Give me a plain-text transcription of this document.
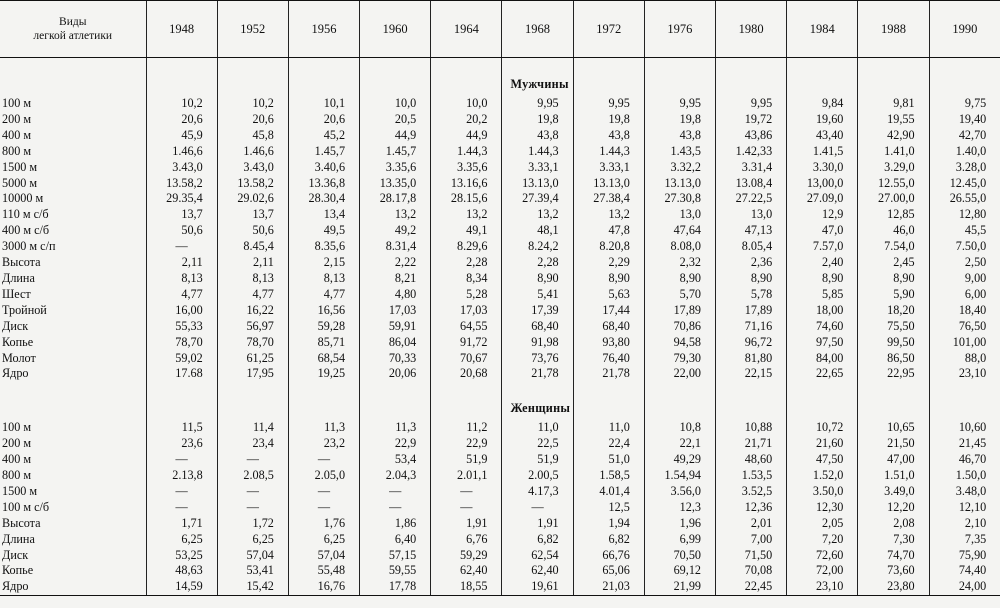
Виды
легкой атлетики	1948	1952	1956	1960	1964	1968	1972	1976	1980	1984	1988	1990

						Мужчины						
100 м	10,2	10,2	10,1	10,0	10,0	9,95	9,95	9,95	9,95	9,84	9,81	9,75
200 м	20,6	20,6	20,6	20,5	20,2	19,8	19,8	19,8	19,72	19,60	19,55	19,40
400 м	45,9	45,8	45,2	44,9	44,9	43,8	43,8	43,8	43,86	43,40	42,90	42,70
800 м	1.46,6	1.46,6	1.45,7	1.45,7	1.44,3	1.44,3	1.44,3	1.43,5	1.42,33	1.41,5	1.41,0	1.40,0
1500 м	3.43,0	3.43,0	3.40,6	3.35,6	3.35,6	3.33,1	3.33,1	3.32,2	3.31,4	3.30,0	3.29,0	3.28,0
5000 м	13.58,2	13.58,2	13.36,8	13.35,0	13.16,6	13.13,0	13.13,0	13.13,0	13.08,4	13,00,0	12.55,0	12.45,0
10000 м	29.35,4	29.02,6	28.30,4	28.17,8	28.15,6	27.39,4	27.38,4	27.30,8	27.22,5	27.09,0	27.00,0	26.55,0
110 м с/б	13,7	13,7	13,4	13,2	13,2	13,2	13,2	13,0	13,0	12,9	12,85	12,80
400 м с/б	50,6	50,6	49,5	49,2	49,1	48,1	47,8	47,64	47,13	47,0	46,0	45,5
3000 м с/п	—	8.45,4	8.35,6	8.31,4	8.29,6	8.24,2	8.20,8	8.08,0	8.05,4	7.57,0	7.54,0	7.50,0
Высота	2,11	2,11	2,15	2,22	2,28	2,28	2,29	2,32	2,36	2,40	2,45	2,50
Длина	8,13	8,13	8,13	8,21	8,34	8,90	8,90	8,90	8,90	8,90	8,90	9,00
Шест	4,77	4,77	4,77	4,80	5,28	5,41	5,63	5,70	5,78	5,85	5,90	6,00
Тройной	16,00	16,22	16,56	17,03	17,03	17,39	17,44	17,89	17,89	18,00	18,20	18,40
Диск	55,33	56,97	59,28	59,91	64,55	68,40	68,40	70,86	71,16	74,60	75,50	76,50
Копье	78,70	78,70	85,71	86,04	91,72	91,98	93,80	94,58	96,72	97,50	99,50	101,00
Молот	59,02	61,25	68,54	70,33	70,67	73,76	76,40	79,30	81,80	84,00	86,50	88,0
Ядро	17.68	17,95	19,25	20,06	20,68	21,78	21,78	22,00	22,15	22,65	22,95	23,10

						Женщины						
100 м	11,5	11,4	11,3	11,3	11,2	11,0	11,0	10,8	10,88	10,72	10,65	10,60
200 м	23,6	23,4	23,2	22,9	22,9	22,5	22,4	22,1	21,71	21,60	21,50	21,45
400 м	—	—	—	53,4	51,9	51,9	51,0	49,29	48,60	47,50	47,00	46,70
800 м	2.13,8	2.08,5	2.05,0	2.04,3	2.01,1	2.00,5	1.58,5	1.54,94	1.53,5	1.52,0	1.51,0	1.50,0
1500 м	—	—	—	—	—	4.17,3	4.01,4	3.56,0	3.52,5	3.50,0	3.49,0	3.48,0
100 м с/б	—	—	—	—	—	—	12,5	12,3	12,36	12,30	12,20	12,10
Высота	1,71	1,72	1,76	1,86	1,91	1,91	1,94	1,96	2,01	2,05	2,08	2,10
Длина	6,25	6,25	6,25	6,40	6,76	6,82	6,82	6,99	7,00	7,20	7,30	7,35
Диск	53,25	57,04	57,04	57,15	59,29	62,54	66,76	70,50	71,50	72,60	74,70	75,90
Копье	48,63	53,41	55,48	59,55	62,40	62,40	65,06	69,12	70,08	72,00	73,60	74,40
Ядро	14,59	15,42	16,76	17,78	18,55	19,61	21,03	21,99	22,45	23,10	23,80	24,00
